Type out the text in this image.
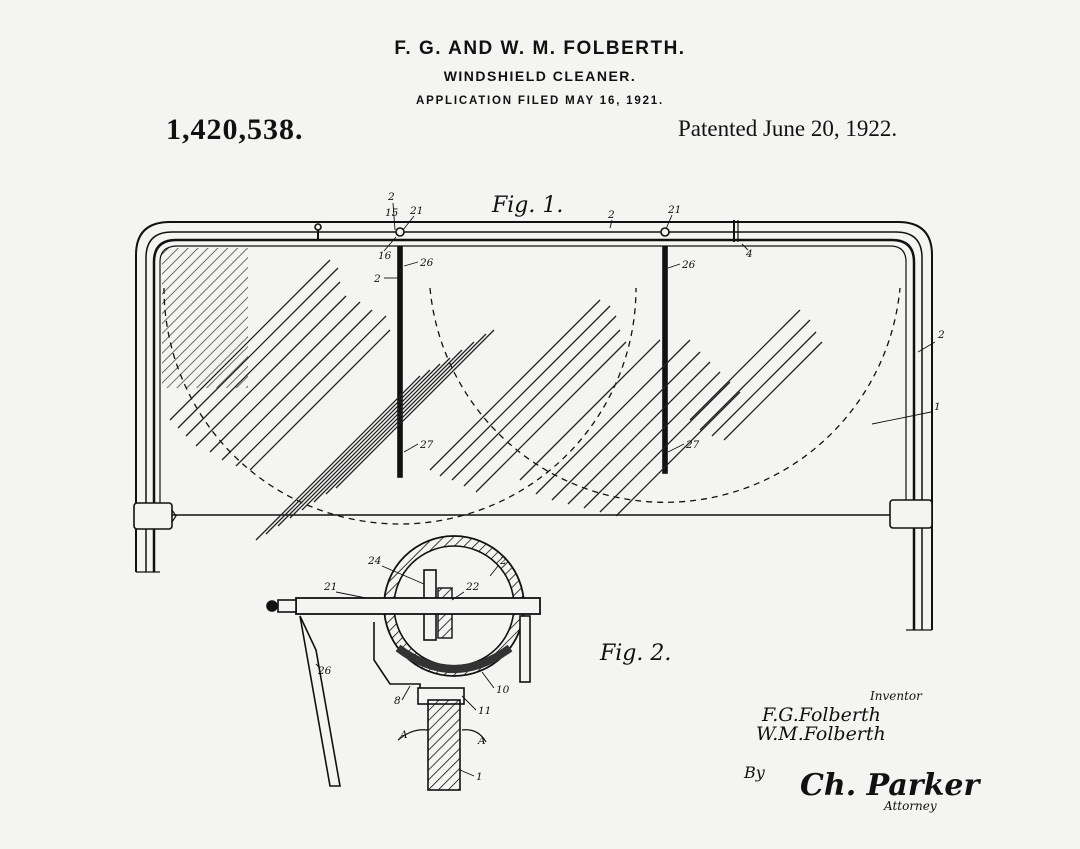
F. G. AND W. M. FOLBERTH.
WINDSHIELD CLEANER.
APPLICATION FILED MAY 16, 1921.
1,420,538.	Patented June 20, 1922.
Fig. 1.
Fig. 2.
2
15 21	2	21
4
16
26
2
26
2
1
27	27
24	2
21	22
26
8
10
11
A	A
1
Inventor
F.G.Folberth
W.M.Folberth
By Ch. Parker
Attorney
